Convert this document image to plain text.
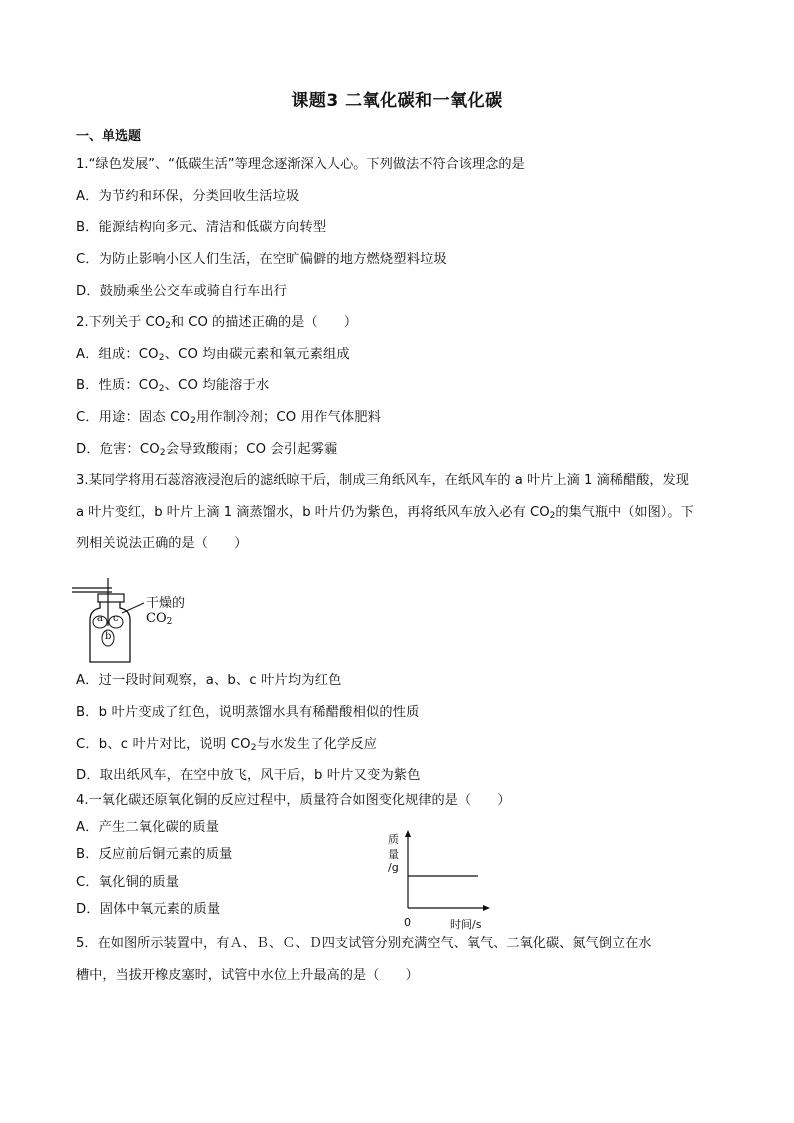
课题3 二氧化碳和一氧化碳
一、单选题
1.“绿色发展”、“低碳生活”等理念逐渐深入人心。下列做法不符合该理念的是
A．为节约和环保，分类回收生活垃圾
B．能源结构向多元、清洁和低碳方向转型
C．为防止影响小区人们生活，在空旷偏僻的地方燃烧塑料垃圾
D．鼓励乘坐公交车或骑自行车出行
2.下列关于 $CO_2$和 CO 的描述正确的是（　　）
A．组成：$CO_2$、CO 均由碳元素和氧元素组成
B．性质：$CO_2$、CO 均能溶于水
C．用途：固态 $CO_2$用作制冷剂；CO 用作气体肥料
D．危害：$CO_2$会导致酸雨；CO 会引起雾霾
3.某同学将用石蕊溶液浸泡后的滤纸晾干后，制成三角纸风车，在纸风车的 a 叶片上滴 1 滴稀醋酸，发现
a 叶片变红，b 叶片上滴 1 滴蒸馏水，b 叶片仍为紫色，再将纸风车放入必有 $CO_2$的集气瓶中（如图）。下
列相关说法正确的是（　　）
a c
b
干燥的
$CO_2$
A．过一段时间观察，a、b、c 叶片均为红色
B．b 叶片变成了红色，说明蒸馏水具有稀醋酸相似的性质
C．b、c 叶片对比，说明 $CO_2$与水发生了化学反应
D．取出纸风车，在空中放飞，风干后，b 叶片又变为紫色
4.一氧化碳还原氧化铜的反应过程中，质量符合如图变化规律的是（　　）
A．产生二氧化碳的质量
B．反应前后铜元素的质量
C．氧化铜的质量
D．固体中氧元素的质量
质
量
/g
0	时间/s
5．在如图所示装置中，有Ａ、Ｂ、Ｃ、Ｄ四支试管分别充满空气、氧气、二氧化碳、氮气倒立在水
槽中，当拔开橡皮塞时，试管中水位上升最高的是（　　）
